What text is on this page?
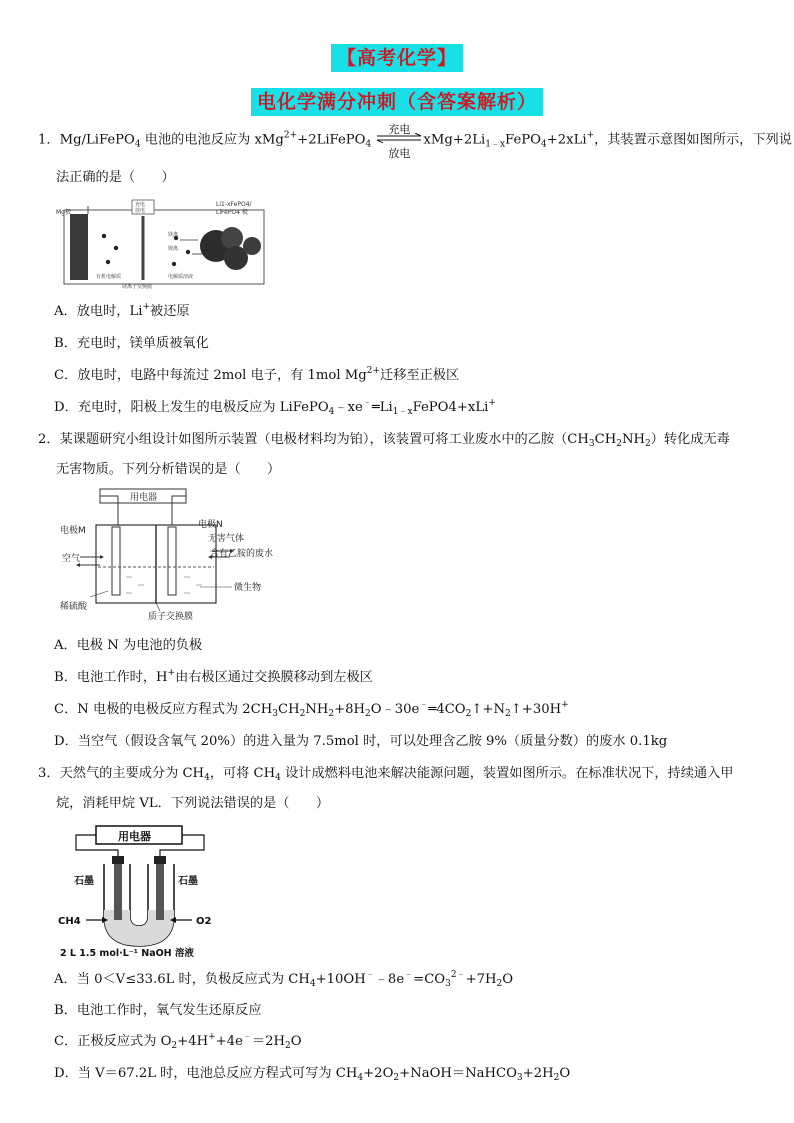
【高考化学】
电化学满分冲刺（含答案解析）
1．Mg/LiFePO$_4$ 电池的电池反应为 xMg$^{2+}$+2LiFePO$_4$
充电
放电
$xMg+2Li_{1﹣x}FePO_4+2xLi^+$，其装置示意图如图所示，下列说
法正确的是（　　）
Mg极
充电
放电
Li1-xFePO4/
LiFePO4 极
镁离
锂离
有机电解质	电解质溶液
镁离子交换膜
A．放电时，Li+被还原
B．充电时，镁单质被氧化
C．放电时，电路中每流过 2mol 电子，有 1mol $Mg^{2+}$迁移至正极区
D．充电时，阳极上发生的电极反应为 $LiFePO_4﹣xe^﹣═Li_{1﹣x}FePO4+xLi^+$
2．某课题研究小组设计如图所示装置（电极材料均为铂），该装置可将工业废水中的乙胺$(CH_3CH_2NH_2)$转化成无毒
无害物质。下列分析错误的是（　　）
用电器
电极M
电极N
空气
稀硫酸
无害气体
含有乙胺的废水
微生物
质子交换膜
A．电极 N 为电池的负极
B．电池工作时，H+由右极区通过交换膜移动到左极区
C．N 电极的电极反应方程式为 $2CH_3CH_2NH_2+8H_2O﹣30e^﹣═4CO_2↑+N_2↑+30H^+$
D．当空气（假设含氧气 20%）的进入量为 7.5mol 时，可以处理含乙胺 9%（质量分数）的废水 0.1kg
3．天然气的主要成分为 $CH_4$，可将 $CH_4$ 设计成燃料电池来解决能源问题，装置如图所示。在标准状况下，持续通入甲
烷，消耗甲烷 VL．下列说法错误的是（　　）
用电器
石墨	石墨
CH4	O2
2 L 1.5 mol·L⁻¹ NaOH 溶液
A．当 0＜V≤33.6L 时，负极反应式为 $CH_4+10OH^﹣﹣8e^﹣=CO_3^{2﹣}+7H_2O$
B．电池工作时，氧气发生还原反应
C．正极反应式为 $O_2+4H^++4e^﹣=2H_2O$
D．当 V＝67.2L 时，电池总反应方程式可写为 $CH_4+2O_2+NaOH=NaHCO_3+2H_2O$
